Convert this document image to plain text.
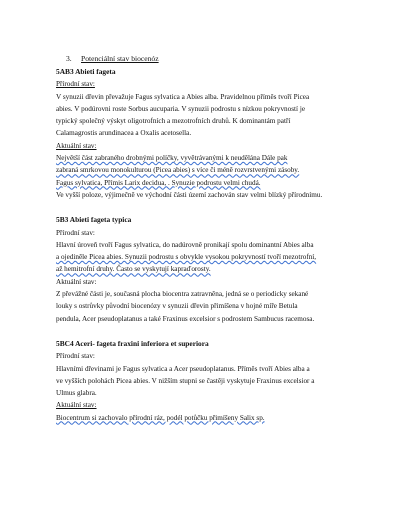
3. Potenciální stav biocenóz

5AB3 Abieti fageta

Přírodní stav:

V synuzii dřevin převažuje Fagus sylvatica a Abies alba. Pravidelnou příměs tvoří Picea

abies. V podúrovni roste Sorbus aucuparia. V synuzii podrostu s nízkou pokryvností je

typický společný výskyt oligotrofních a mezotrofních druhů. K dominantám patří

Calamagrostis arundinacea a Oxalis acetosella.

Aktuální stav:

Největší část zabraného drobnými políčky, vyvětrávanými k neudělána Dále pak

zabraná smrkovou monokulturou (Picea abies) s více či méně rozvrstvenými zásoby.

Fagus sylvatica, Přímis Larix decidua, . Synuzie podrostu velmi chudá.

Ve vyšší poloze, výjimečně ve východní části území zachován stav velmi blízký přírodnímu.

5B3 Abieti fageta typica

Přírodní stav:

Hlavní úroveň tvoří Fagus sylvatica, do nadúrovně pronikají spolu dominantní Abies alba

a ojediněle Picea abies. Synuzii podrostu s obvykle vysokou pokryvností tvoří mezotrofní,

až hemitrofní druhy. Často se vyskytují kapraďorosty.

Aktuální stav:

Z převážné části je, současná plocha biocentra zatravněna, jedná se o periodicky sekané

louky s ostrůvky původní biocenózy v synuzii dřevin přimíšena v hojné míře Betula

pendula, Acer pseudoplatanus a také Fraxinus excelsior s podrostem Sambucus racemosa.

5BC4 Aceri- fageta fraxini inferiora et superiora

Přírodní stav:

Hlavními dřevinami je Fagus sylvatica a Acer pseudoplatanus. Příměs tvoří Abies alba a

ve vyšších polohách Picea abies. V nižším stupni se častěji vyskytuje Fraxinus excelsior a

Ulmus glabra.

Aktuální stav:

Biocentrum si zachovalo přírodní ráz, podél potůčku přimíšeny Salix sp.
